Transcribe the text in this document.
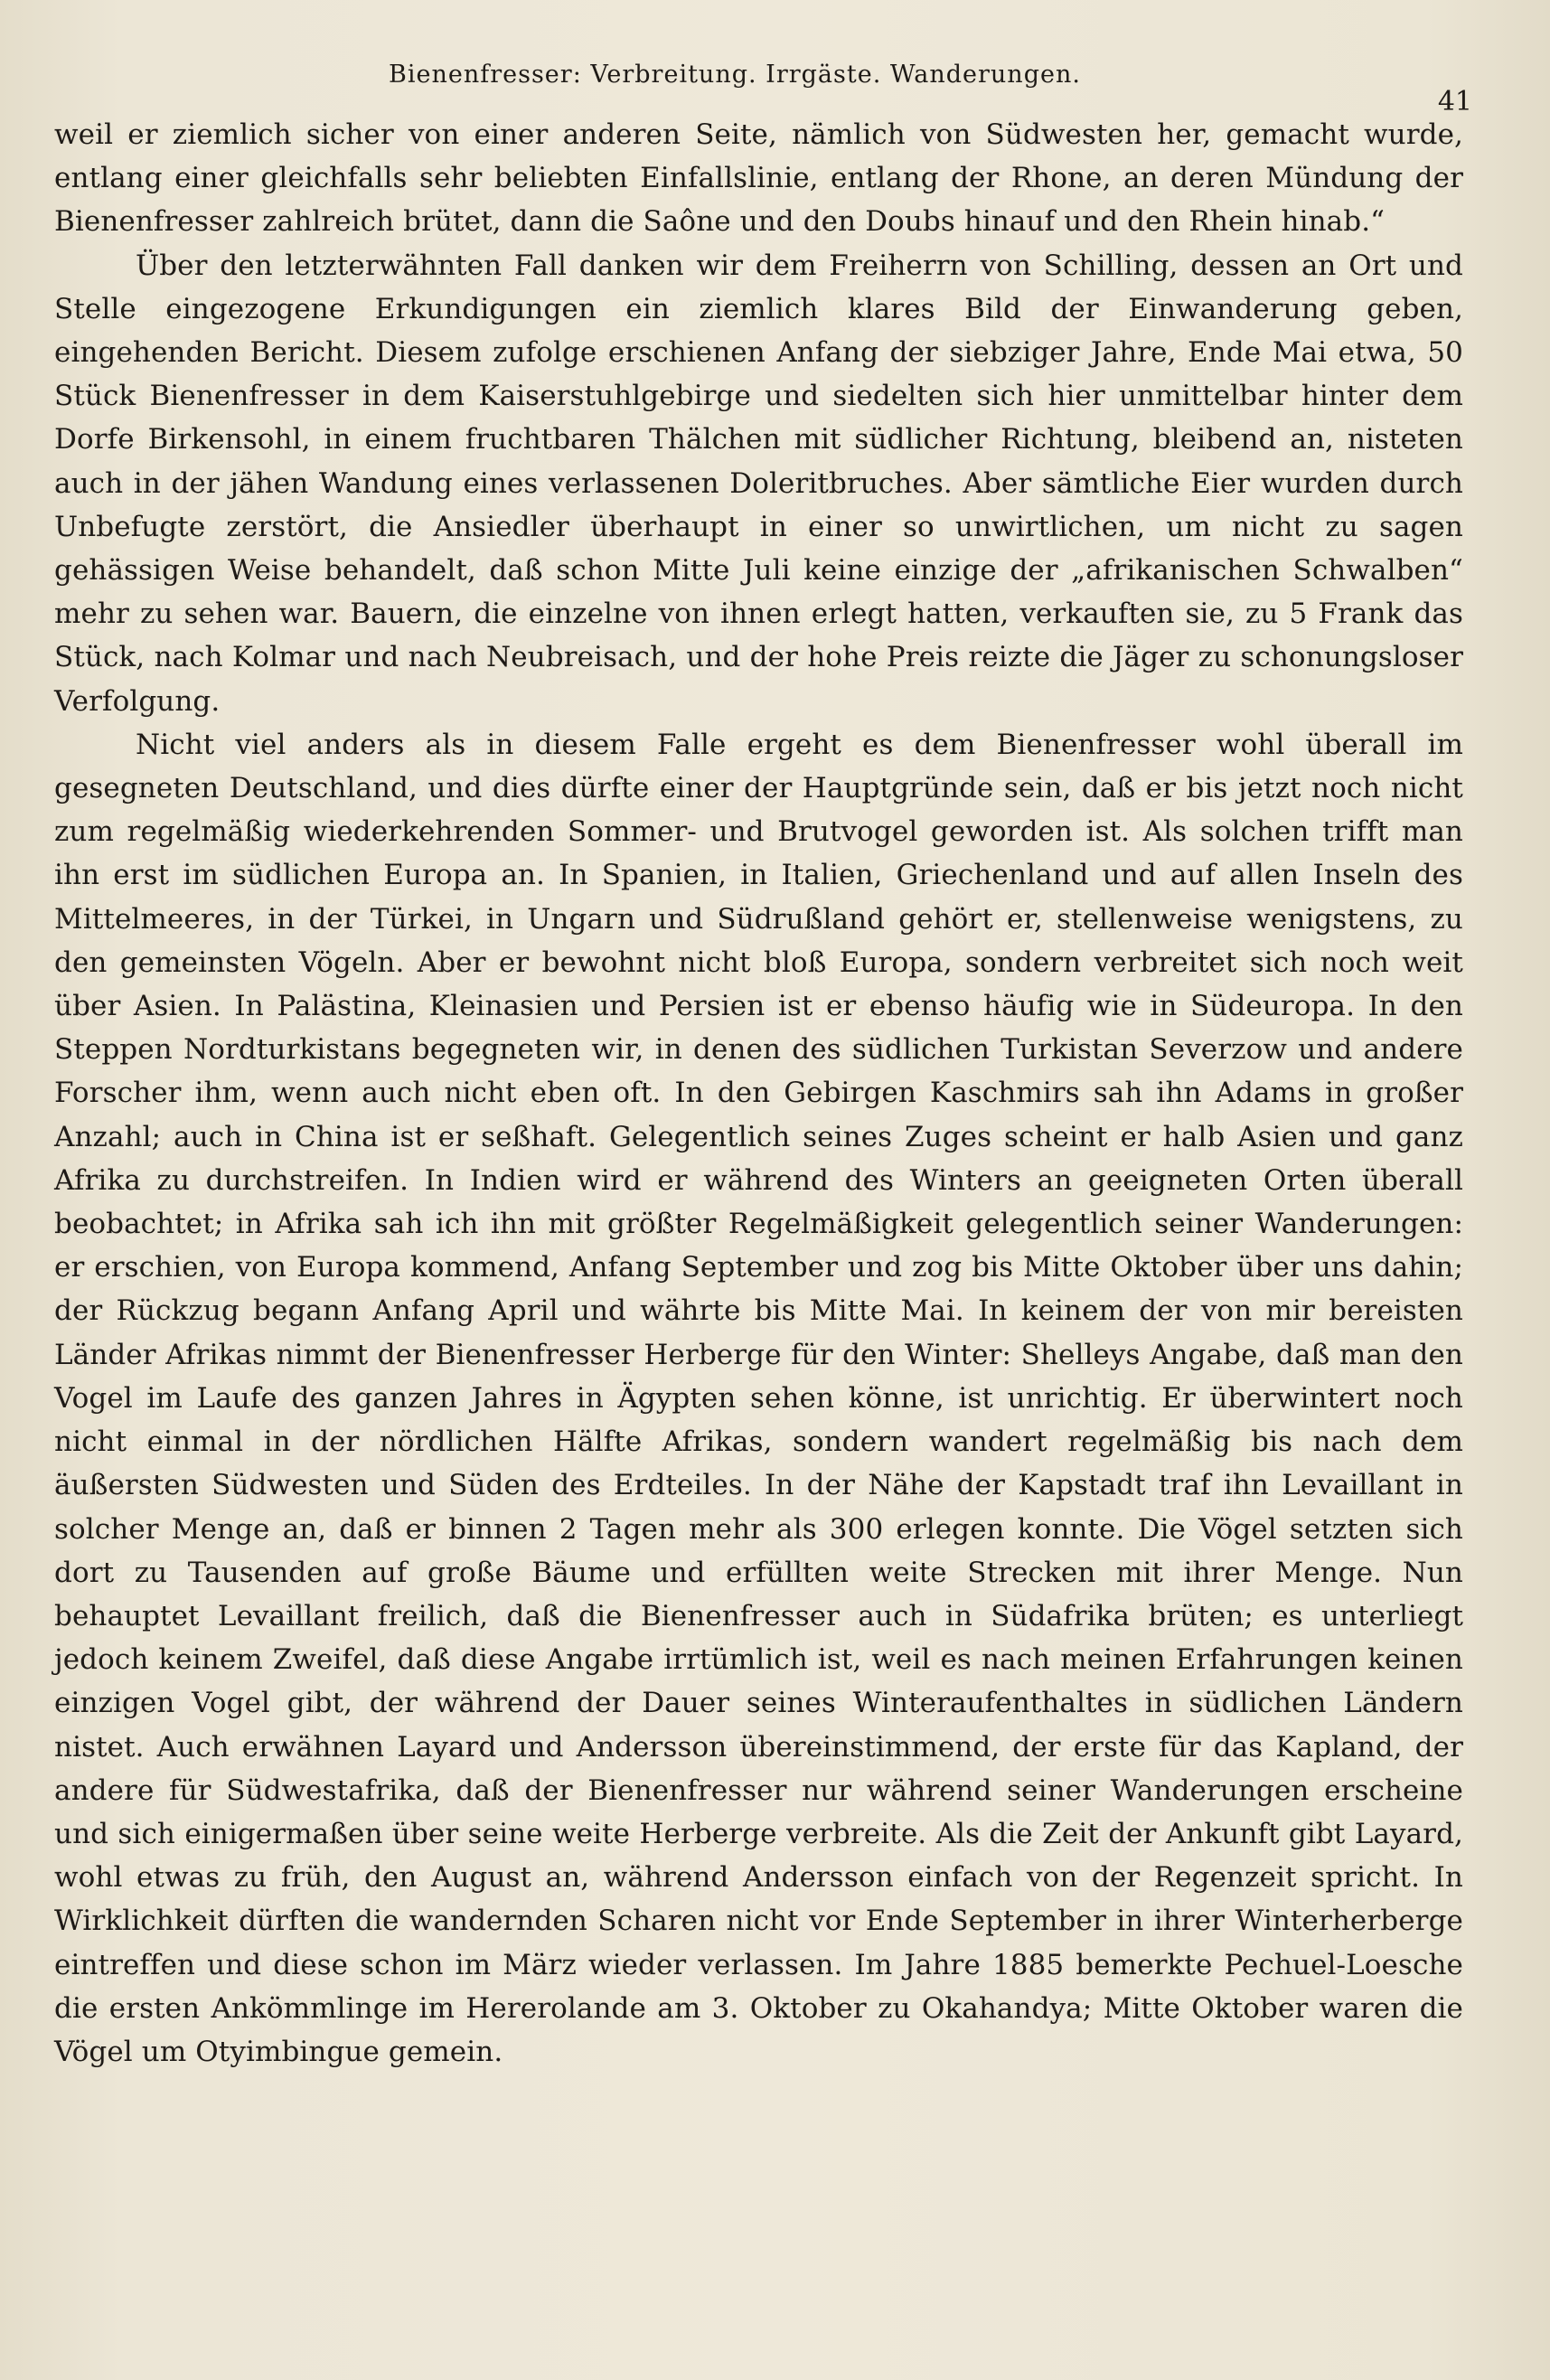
Bienenfresser: Verbreitung. Irrgäste. Wanderungen.
41

weil er ziemlich sicher von einer anderen Seite, nämlich von Südwesten her, gemacht wurde, entlang einer gleichfalls sehr beliebten Einfallslinie, entlang der Rhone, an deren Mündung der Bienenfresser zahlreich brütet, dann die Saône und den Doubs hinauf und den Rhein hinab.“

Über den letzterwähnten Fall danken wir dem Freiherrn von Schilling, dessen an Ort und Stelle eingezogene Erkundigungen ein ziemlich klares Bild der Einwanderung geben, eingehenden Bericht. Diesem zufolge erschienen Anfang der siebziger Jahre, Ende Mai etwa, 50 Stück Bienenfresser in dem Kaiserstuhlgebirge und siedelten sich hier unmittelbar hinter dem Dorfe Birkensohl, in einem fruchtbaren Thälchen mit südlicher Richtung, bleibend an, nisteten auch in der jähen Wandung eines verlassenen Doleritbruches. Aber sämtliche Eier wurden durch Unbefugte zerstört, die Ansiedler überhaupt in einer so unwirtlichen, um nicht zu sagen gehässigen Weise behandelt, daß schon Mitte Juli keine einzige der „afrikanischen Schwalben“ mehr zu sehen war. Bauern, die einzelne von ihnen erlegt hatten, verkauften sie, zu 5 Frank das Stück, nach Kolmar und nach Neubreisach, und der hohe Preis reizte die Jäger zu schonungsloser Verfolgung.

Nicht viel anders als in diesem Falle ergeht es dem Bienenfresser wohl überall im gesegneten Deutschland, und dies dürfte einer der Hauptgründe sein, daß er bis jetzt noch nicht zum regelmäßig wiederkehrenden Sommer- und Brutvogel geworden ist. Als solchen trifft man ihn erst im südlichen Europa an. In Spanien, in Italien, Griechenland und auf allen Inseln des Mittelmeeres, in der Türkei, in Ungarn und Südrußland gehört er, stellenweise wenigstens, zu den gemeinsten Vögeln. Aber er bewohnt nicht bloß Europa, sondern verbreitet sich noch weit über Asien. In Palästina, Kleinasien und Persien ist er ebenso häufig wie in Südeuropa. In den Steppen Nordturkistans begegneten wir, in denen des südlichen Turkistan Severzow und andere Forscher ihm, wenn auch nicht eben oft. In den Gebirgen Kaschmirs sah ihn Adams in großer Anzahl; auch in China ist er seßhaft. Gelegentlich seines Zuges scheint er halb Asien und ganz Afrika zu durchstreifen. In Indien wird er während des Winters an geeigneten Orten überall beobachtet; in Afrika sah ich ihn mit größter Regelmäßigkeit gelegentlich seiner Wanderungen: er erschien, von Europa kommend, Anfang September und zog bis Mitte Oktober über uns dahin; der Rückzug begann Anfang April und währte bis Mitte Mai. In keinem der von mir bereisten Länder Afrikas nimmt der Bienenfresser Herberge für den Winter: Shelleys Angabe, daß man den Vogel im Laufe des ganzen Jahres in Ägypten sehen könne, ist unrichtig. Er überwintert noch nicht einmal in der nördlichen Hälfte Afrikas, sondern wandert regelmäßig bis nach dem äußersten Südwesten und Süden des Erdteiles. In der Nähe der Kapstadt traf ihn Levaillant in solcher Menge an, daß er binnen 2 Tagen mehr als 300 erlegen konnte. Die Vögel setzten sich dort zu Tausenden auf große Bäume und erfüllten weite Strecken mit ihrer Menge. Nun behauptet Levaillant freilich, daß die Bienenfresser auch in Südafrika brüten; es unterliegt jedoch keinem Zweifel, daß diese Angabe irrtümlich ist, weil es nach meinen Erfahrungen keinen einzigen Vogel gibt, der während der Dauer seines Winteraufenthaltes in südlichen Ländern nistet. Auch erwähnen Layard und Andersson übereinstimmend, der erste für das Kapland, der andere für Südwestafrika, daß der Bienenfresser nur während seiner Wanderungen erscheine und sich einigermaßen über seine weite Herberge verbreite. Als die Zeit der Ankunft gibt Layard, wohl etwas zu früh, den August an, während Andersson einfach von der Regenzeit spricht. In Wirklichkeit dürften die wandernden Scharen nicht vor Ende September in ihrer Winterherberge eintreffen und diese schon im März wieder verlassen. Im Jahre 1885 bemerkte Pechuel-Loesche die ersten Ankömmlinge im Hererolande am 3. Oktober zu Okahandya; Mitte Oktober waren die Vögel um Otyimbingue gemein.
